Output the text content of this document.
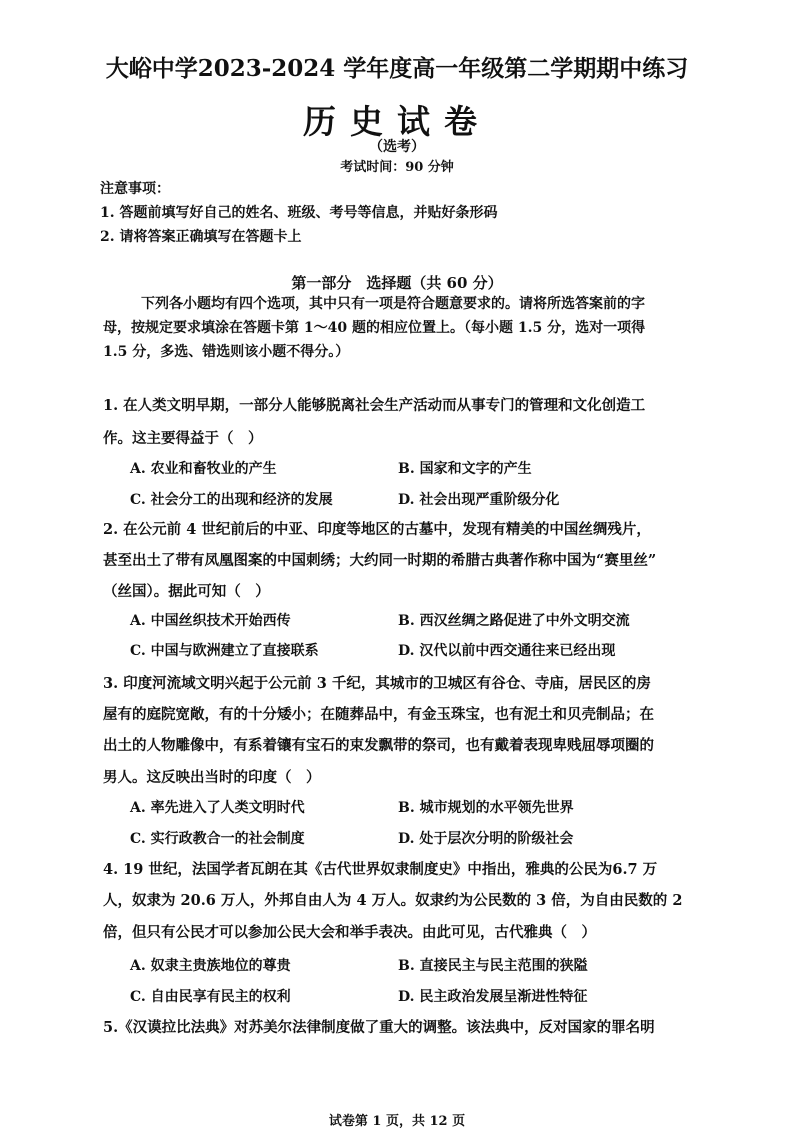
大峪中学2023-2024 学年度高一年级第二学期期中练习
历史试卷
（选考）
考试时间：90 分钟
注意事项：
1. 答题前填写好自己的姓名、班级、考号等信息，并贴好条形码
2. 请将答案正确填写在答题卡上
第一部分　选择题（共 60 分）
下列各小题均有四个选项，其中只有一项是符合题意要求的。请将所选答案前的字
母，按规定要求填涂在答题卡第 1～40 题的相应位置上。（每小题 1.5 分，选对一项得
1.5 分，多选、错选则该小题不得分。）
1. 在人类文明早期，一部分人能够脱离社会生产活动而从事专门的管理和文化创造工
作。这主要得益于（　）
A. 农业和畜牧业的产生	B. 国家和文字的产生
C. 社会分工的出现和经济的发展	D. 社会出现严重阶级分化
2. 在公元前 4 世纪前后的中亚、印度等地区的古墓中，发现有精美的中国丝绸残片，
甚至出土了带有凤凰图案的中国刺绣；大约同一时期的希腊古典著作称中国为“赛里丝”
（丝国）。据此可知（　）
A. 中国丝织技术开始西传	B. 西汉丝绸之路促进了中外文明交流
C. 中国与欧洲建立了直接联系	D. 汉代以前中西交通往来已经出现
3. 印度河流域文明兴起于公元前 3 千纪，其城市的卫城区有谷仓、寺庙，居民区的房
屋有的庭院宽敞，有的十分矮小；在随葬品中，有金玉珠宝，也有泥土和贝壳制品；在
出土的人物雕像中，有系着镶有宝石的束发飘带的祭司，也有戴着表现卑贱屈辱项圈的
男人。这反映出当时的印度（　）
A. 率先进入了人类文明时代	B. 城市规划的水平领先世界
C. 实行政教合一的社会制度	D. 处于层次分明的阶级社会
4. 19 世纪，法国学者瓦朗在其《古代世界奴隶制度史》中指出，雅典的公民为6.7 万
人，奴隶为 20.6 万人，外邦自由人为 4 万人。奴隶约为公民数的 3 倍，为自由民数的 2
倍，但只有公民才可以参加公民大会和举手表决。由此可见，古代雅典（　）
A. 奴隶主贵族地位的尊贵	B. 直接民主与民主范围的狭隘
C. 自由民享有民主的权利	D. 民主政治发展呈渐进性特征
5.《汉谟拉比法典》对苏美尔法律制度做了重大的调整。该法典中，反对国家的罪名明
试卷第 1 页，共 12 页
